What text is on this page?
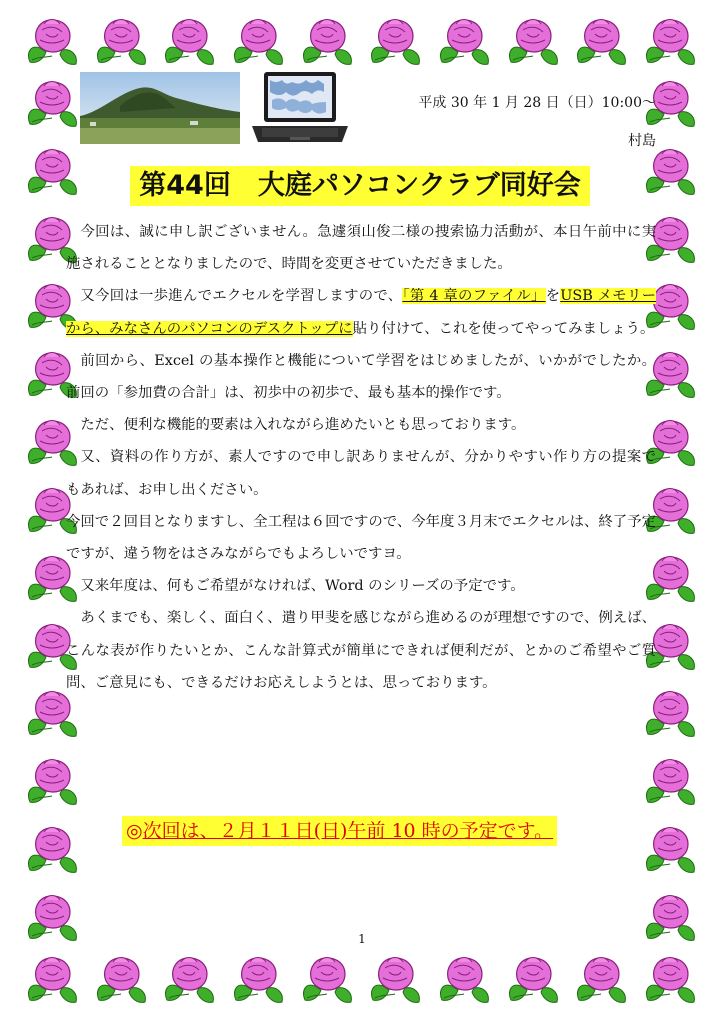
平成 30 年 1 月 28 日（日）10:00～
村島
第44回　大庭パソコンクラブ同好会

今回は、誠に申し訳ございません。急遽須山俊二様の捜索協力活動が、本日午前中に実施されることとなりましたので、時間を変更させていただきました。

又今回は一歩進んでエクセルを学習しますので、「第 4 章のファイル」をUSB メモリーから、みなさんのパソコンのデスクトップに貼り付けて、これを使ってやってみましょう。

前回から、Excel の基本操作と機能について学習をはじめましたが、いかがでしたか。前回の「参加費の合計」は、初歩中の初歩で、最も基本的操作です。

ただ、便利な機能的要素は入れながら進めたいとも思っております。

又、資料の作り方が、素人ですので申し訳ありませんが、分かりやすい作り方の提案でもあれば、お申し出ください。

今回で２回目となりますし、全工程は６回ですので、今年度３月末でエクセルは、終了予定ですが、違う物をはさみながらでもよろしいですヨ。

又来年度は、何もご希望がなければ、Word のシリーズの予定です。

あくまでも、楽しく、面白く、遣り甲斐を感じながら進めるのが理想ですので、例えば、こんな表が作りたいとか、こんな計算式が簡単にできれば便利だが、とかのご希望やご質問、ご意見にも、できるだけお応えしようとは、思っております。

◎次回は、２月１１日(日)午前 10 時の予定です。
1
